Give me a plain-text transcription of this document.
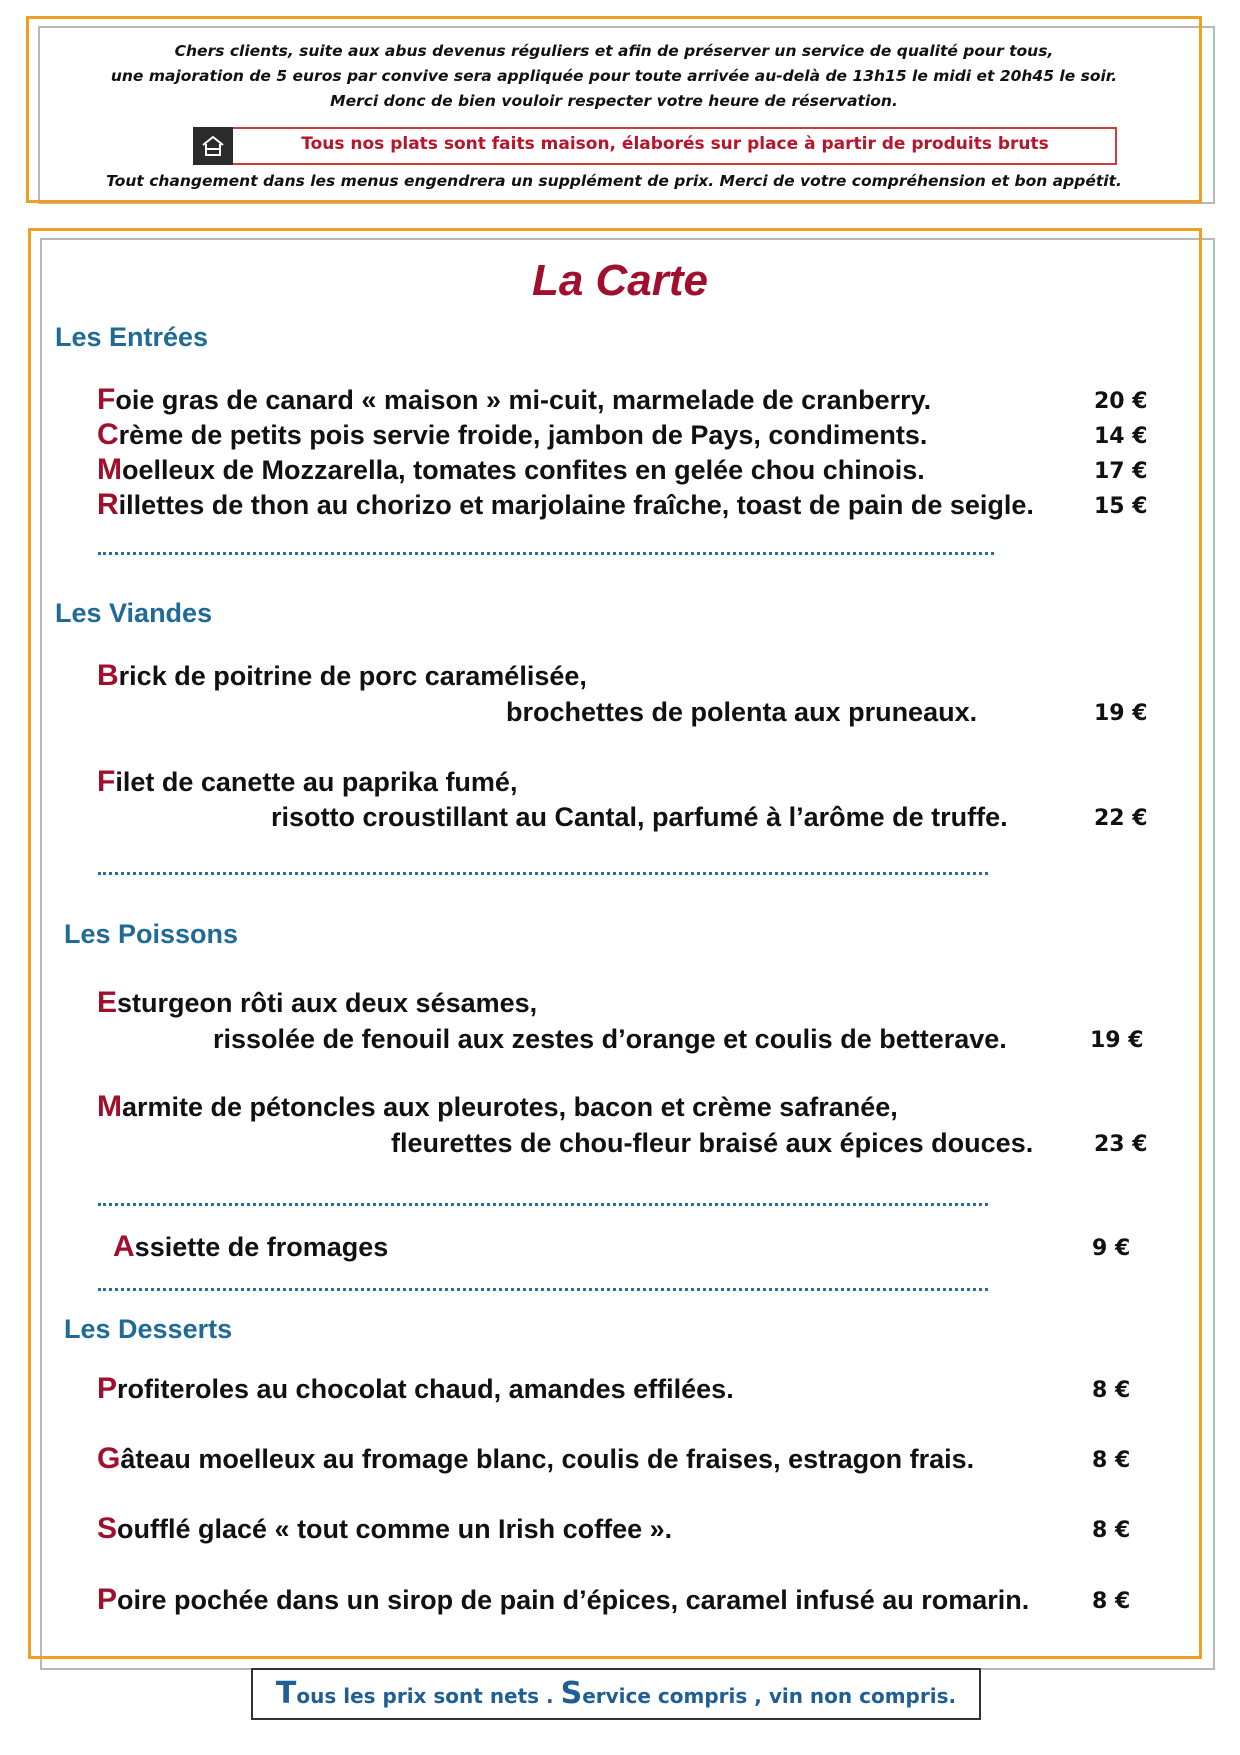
Chers clients, suite aux abus devenus réguliers et afin de préserver un service de qualité pour tous,
une majoration de 5 euros par convive sera appliquée pour toute arrivée au-delà de 13h15 le midi et 20h45 le soir.
Merci donc de bien vouloir respecter votre heure de réservation.
Tous nos plats sont faits maison, élaborés sur place à partir de produits bruts
Tout changement dans les menus engendrera un supplément de prix. Merci de votre compréhension et bon appétit.
La Carte
Les Entrées
Foie gras de canard « maison » mi-cuit, marmelade de cranberry.	20 €
Crème de petits pois servie froide, jambon de Pays, condiments.	14 €
Moelleux de Mozzarella, tomates confites en gelée chou chinois.	17 €
Rillettes de thon au chorizo et marjolaine fraîche, toast de pain de seigle.	15 €
Les Viandes
Brick de poitrine de porc caramélisée,
brochettes de polenta aux pruneaux.	19 €
Filet de canette au paprika fumé,
risotto croustillant au Cantal, parfumé à l’arôme de truffe.	22 €
Les Poissons
Esturgeon rôti aux deux sésames,
rissolée de fenouil aux zestes d’orange et coulis de betterave.	19 €
Marmite de pétoncles aux pleurotes, bacon et crème safranée,
fleurettes de chou-fleur braisé aux épices douces.	23 €
Assiette de fromages	9 €
Les Desserts
Profiteroles au chocolat chaud, amandes effilées.	8 €
Gâteau moelleux au fromage blanc, coulis de fraises, estragon frais.	8 €
Soufflé glacé « tout comme un Irish coffee ».	8 €
Poire pochée dans un sirop de pain d’épices, caramel infusé au romarin.	8 €
Tous les prix sont nets . Service compris , vin non compris.
